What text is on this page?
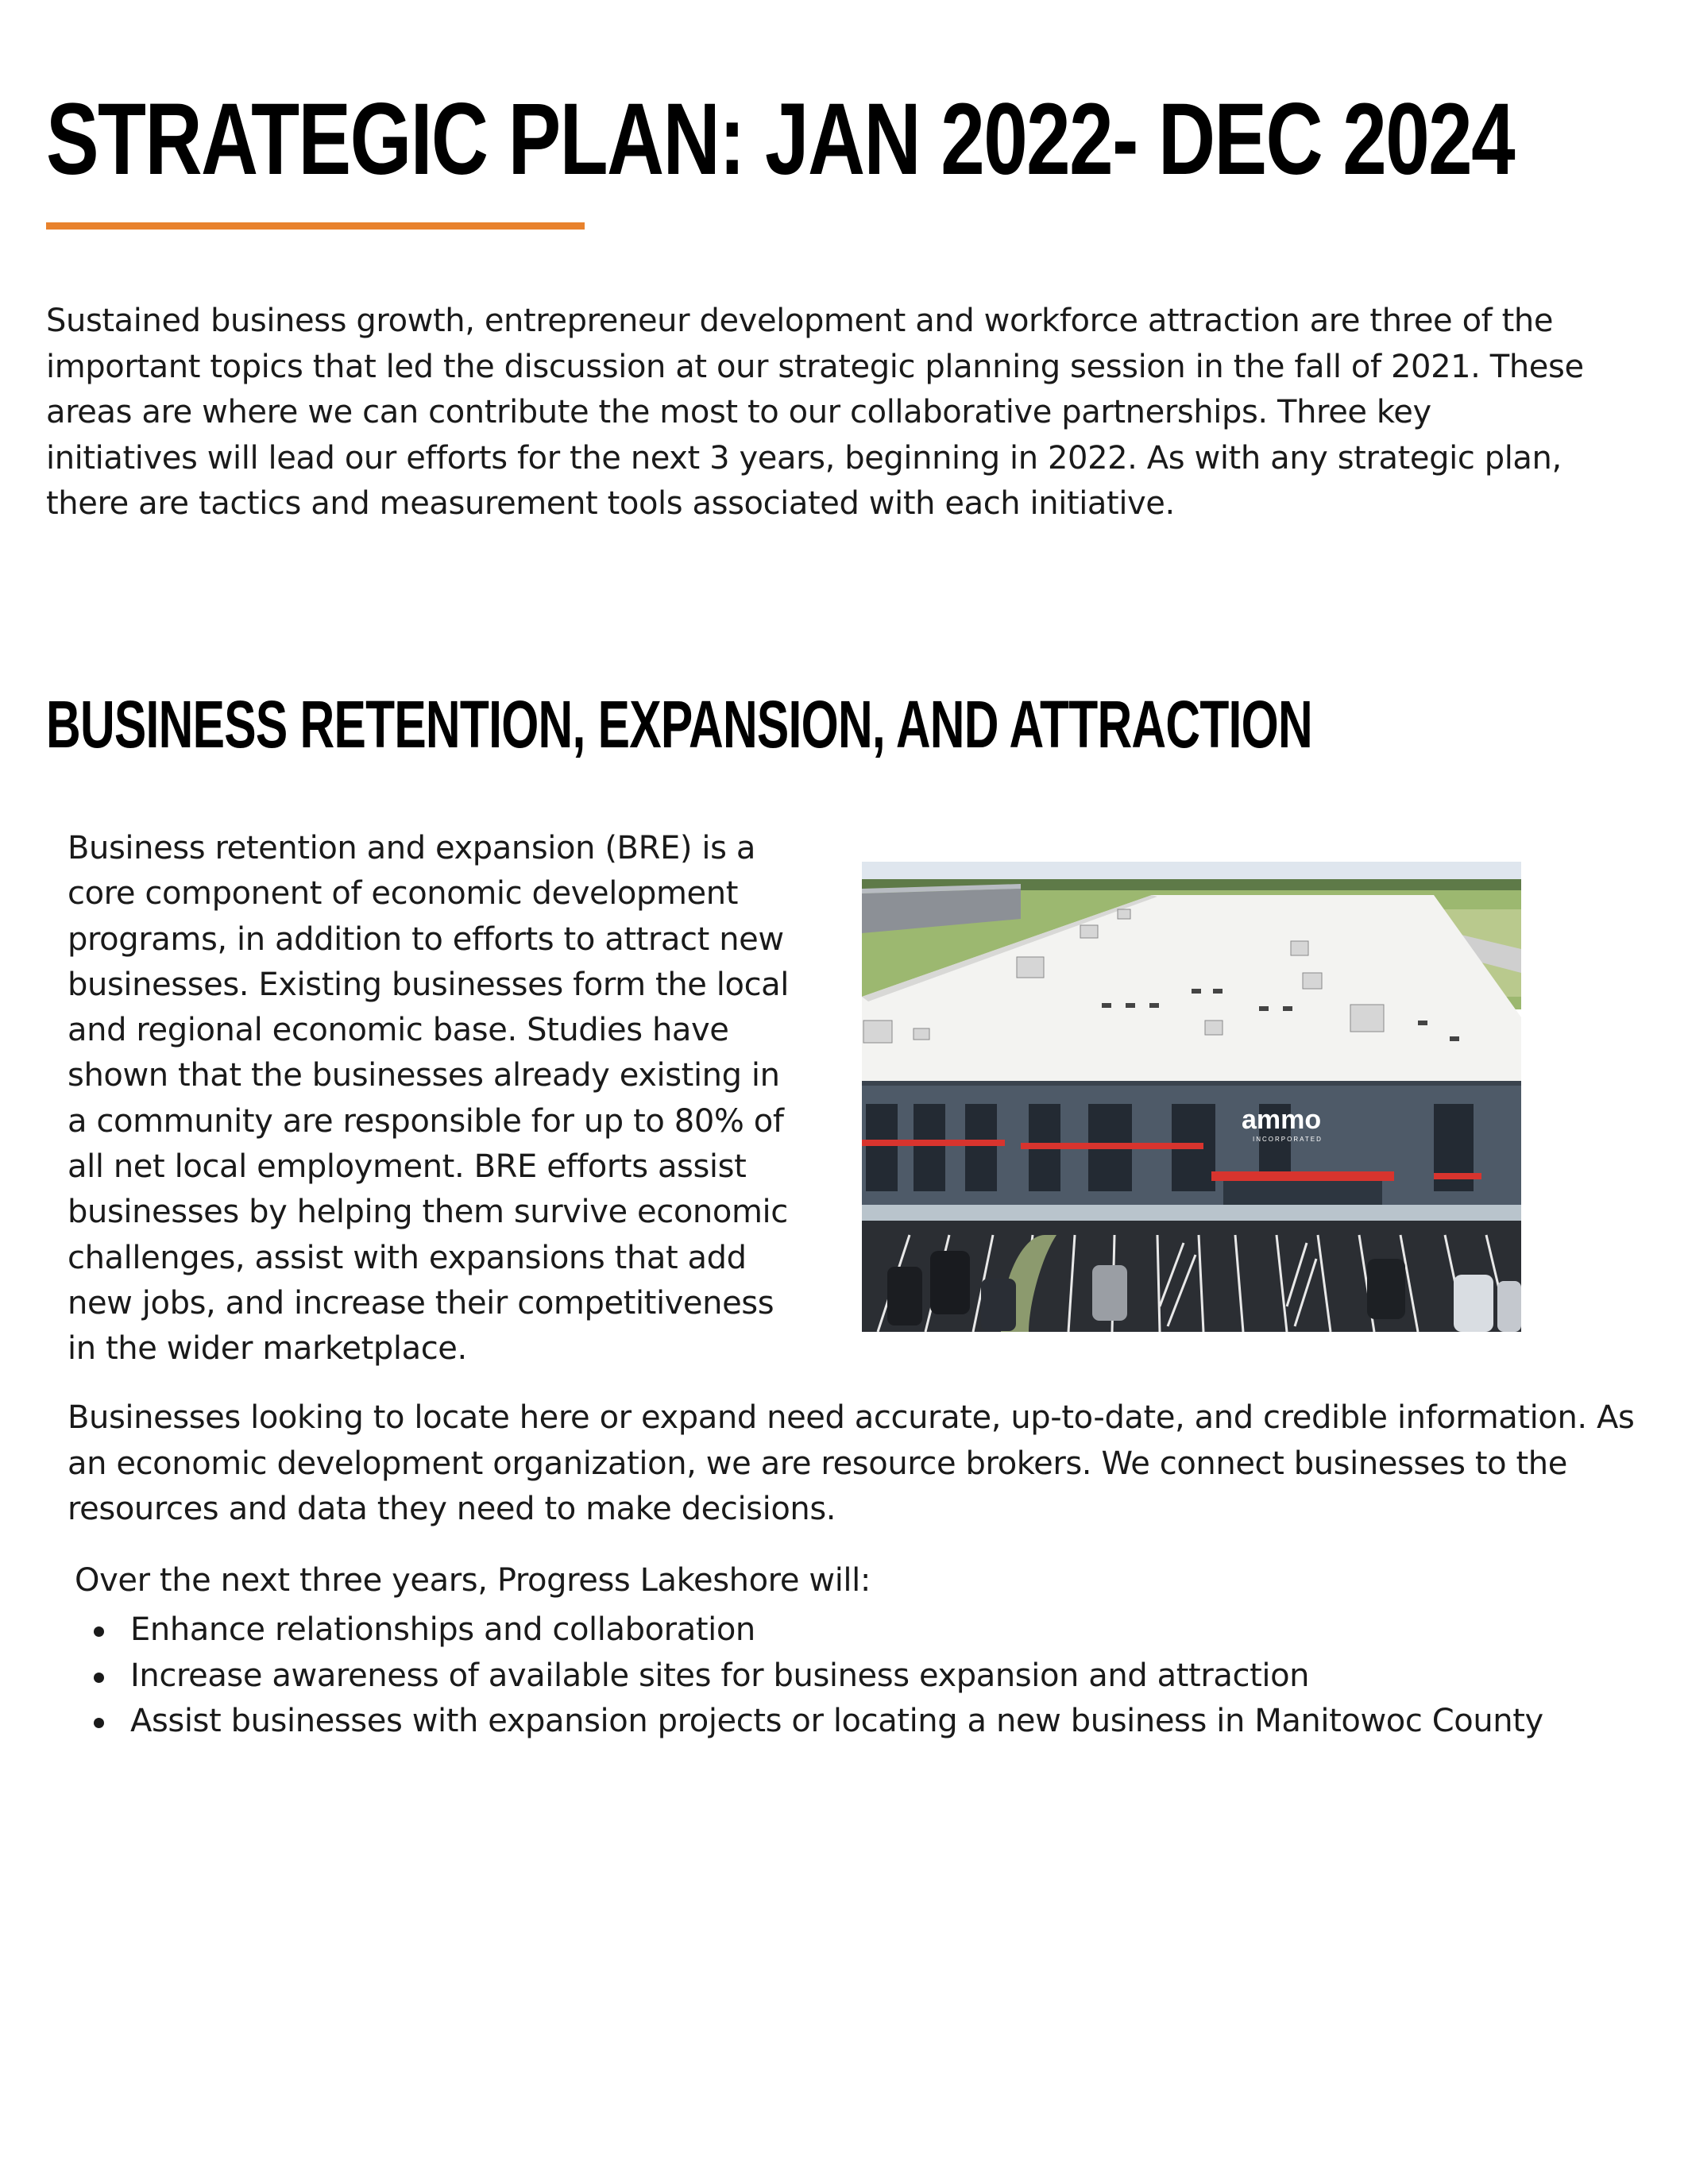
STRATEGIC PLAN: JAN 2022- DEC 2024

Sustained business growth, entrepreneur development and workforce attraction are three of the important topics that led the discussion at our strategic planning session in the fall of 2021. These areas are where we can contribute the most to our collaborative partnerships. Three key initiatives will lead our efforts for the next 3 years, beginning in 2022. As with any strategic plan, there are tactics and measurement tools associated with each initiative.

BUSINESS RETENTION, EXPANSION, AND ATTRACTION

Business retention and expansion (BRE) is a core component of economic development programs, in addition to efforts to attract new businesses. Existing businesses form the local and regional economic base. Studies have shown that the businesses already existing in a community are responsible for up to 80% of all net local employment. BRE efforts assist businesses by helping them survive economic challenges, assist with expansions that add new jobs, and increase their competitiveness in the wider marketplace.

ammo
INCORPORATED

Businesses looking to locate here or expand need accurate, up-to-date, and credible information. As an economic development organization, we are resource brokers. We connect businesses to the resources and data they need to make decisions.

Over the next three years, Progress Lakeshore will:

Enhance relationships and collaboration
Increase awareness of available sites for business expansion and attraction
Assist businesses with expansion projects or locating a new business in Manitowoc County
